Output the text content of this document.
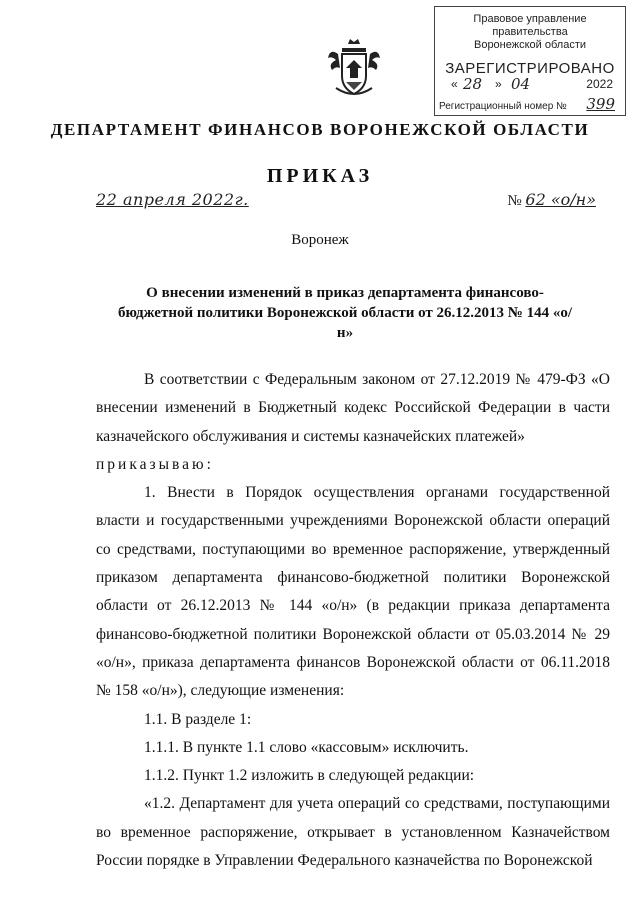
Правовое управление правительства
Воронежской области
ЗАРЕГИСТРИРОВАНО
« 28 » 04	2022
Регистрационный номер № 399
ДЕПАРТАМЕНТ ФИНАНСОВ ВОРОНЕЖСКОЙ ОБЛАСТИ
ПРИКАЗ
22 апреля 2022г.	№ 62 «о/н»
Воронеж
О внесении изменений в приказ департамента финансово-бюджетной политики Воронежской области от 26.12.2013 № 144 «о/н»

В соответствии с Федеральным законом от 27.12.2019 № 479-ФЗ «О внесении изменений в Бюджетный кодекс Российской Федерации в части казначейского обслуживания и системы казначейских платежей»

приказываю:

1. Внести в Порядок осуществления органами государственной власти и государственными учреждениями Воронежской области операций со средствами, поступающими во временное распоряжение, утвержденный приказом департамента финансово-бюджетной политики Воронежской области от 26.12.2013 № 144 «о/н» (в редакции приказа департамента финансово-бюджетной политики Воронежской области от 05.03.2014 № 29 «о/н», приказа департамента финансов Воронежской области от 06.11.2018 № 158 «о/н»), следующие изменения:

1.1. В разделе 1:

1.1.1. В пункте 1.1 слово «кассовым» исключить.

1.1.2. Пункт 1.2 изложить в следующей редакции:

«1.2. Департамент для учета операций со средствами, поступающими во временное распоряжение, открывает в установленном Казначейством России порядке в Управлении Федерального казначейства по Воронежской
